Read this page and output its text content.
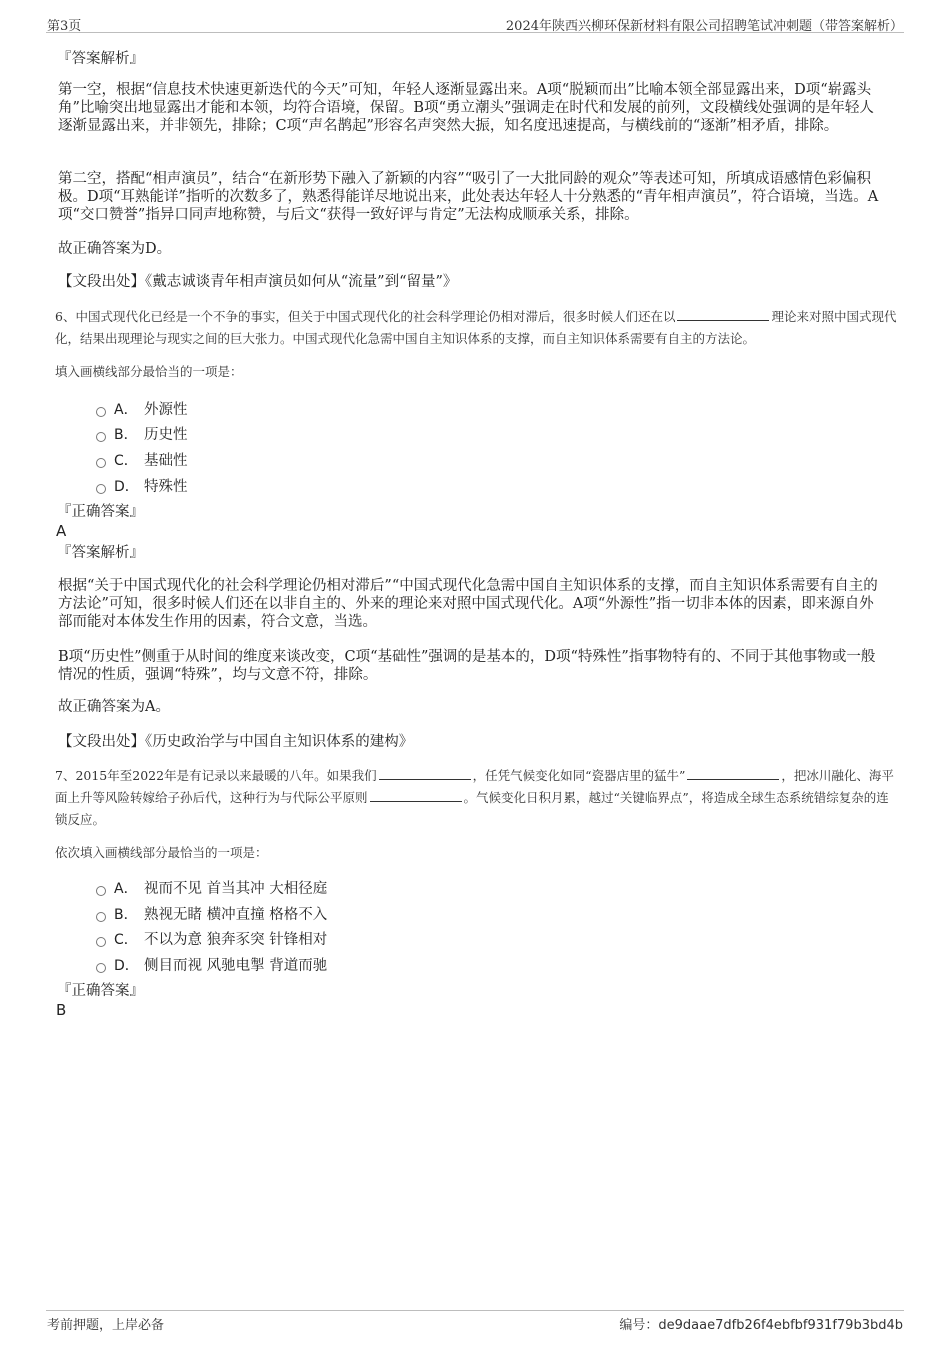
第3页	2024年陕西兴柳环保新材料有限公司招聘笔试冲刺题（带答案解析）
『答案解析』
第一空，根据“信息技术快速更新迭代的今天”可知，年轻人逐渐显露出来。A项“脱颖而出”比喻本领全部显露出来，D项“崭露头角”比喻突出地显露出才能和本领，均符合语境，保留。B项“勇立潮头”强调走在时代和发展的前列，文段横线处强调的是年轻人逐渐显露出来，并非领先，排除；C项“声名鹊起”形容名声突然大振，知名度迅速提高，与横线前的“逐渐”相矛盾，排除。
第二空，搭配“相声演员”，结合“在新形势下融入了新颖的内容”“吸引了一大批同龄的观众”等表述可知，所填成语感情色彩偏积极。D项“耳熟能详”指听的次数多了，熟悉得能详尽地说出来，此处表达年轻人十分熟悉的“青年相声演员”，符合语境，当选。A项“交口赞誉”指异口同声地称赞，与后文“获得一致好评与肯定”无法构成顺承关系，排除。
故正确答案为D。
【文段出处】《戴志诚谈青年相声演员如何从“流量”到“留量”》
6、中国式现代化已经是一个不争的事实，但关于中国式现代化的社会科学理论仍相对滞后，很多时候人们还在以	理论来对照中国式现代化，结果出现理论与现实之间的巨大张力。中国式现代化急需中国自主知识体系的支撑，而自主知识体系需要有自主的方法论。
填入画横线部分最恰当的一项是：
A． 外源性
B． 历史性
C． 基础性
D． 特殊性
『正确答案』
A
『答案解析』
根据“关于中国式现代化的社会科学理论仍相对滞后”“中国式现代化急需中国自主知识体系的支撑，而自主知识体系需要有自主的方法论”可知，很多时候人们还在以非自主的、外来的理论来对照中国式现代化。A项“外源性”指一切非本体的因素，即来源自外部而能对本体发生作用的因素，符合文意，当选。
B项“历史性”侧重于从时间的维度来谈改变，C项“基础性”强调的是基本的，D项“特殊性”指事物特有的、不同于其他事物或一般情况的性质，强调“特殊”，均与文意不符，排除。
故正确答案为A。
【文段出处】《历史政治学与中国自主知识体系的建构》
7、2015年至2022年是有记录以来最暖的八年。如果我们	，任凭气候变化如同“瓷器店里的猛牛”	，把冰川融化、海平面上升等风险转嫁给子孙后代，这种行为与代际公平原则	。气候变化日积月累，越过“关键临界点”，将造成全球生态系统错综复杂的连锁反应。
依次填入画横线部分最恰当的一项是：
A． 视而不见 首当其冲 大相径庭
B． 熟视无睹 横冲直撞 格格不入
C． 不以为意 狼奔豕突 针锋相对
D． 侧目而视 风驰电掣 背道而驰
『正确答案』
B
考前押题，上岸必备	编号：de9daae7dfb26f4ebfbf931f79b3bd4b
